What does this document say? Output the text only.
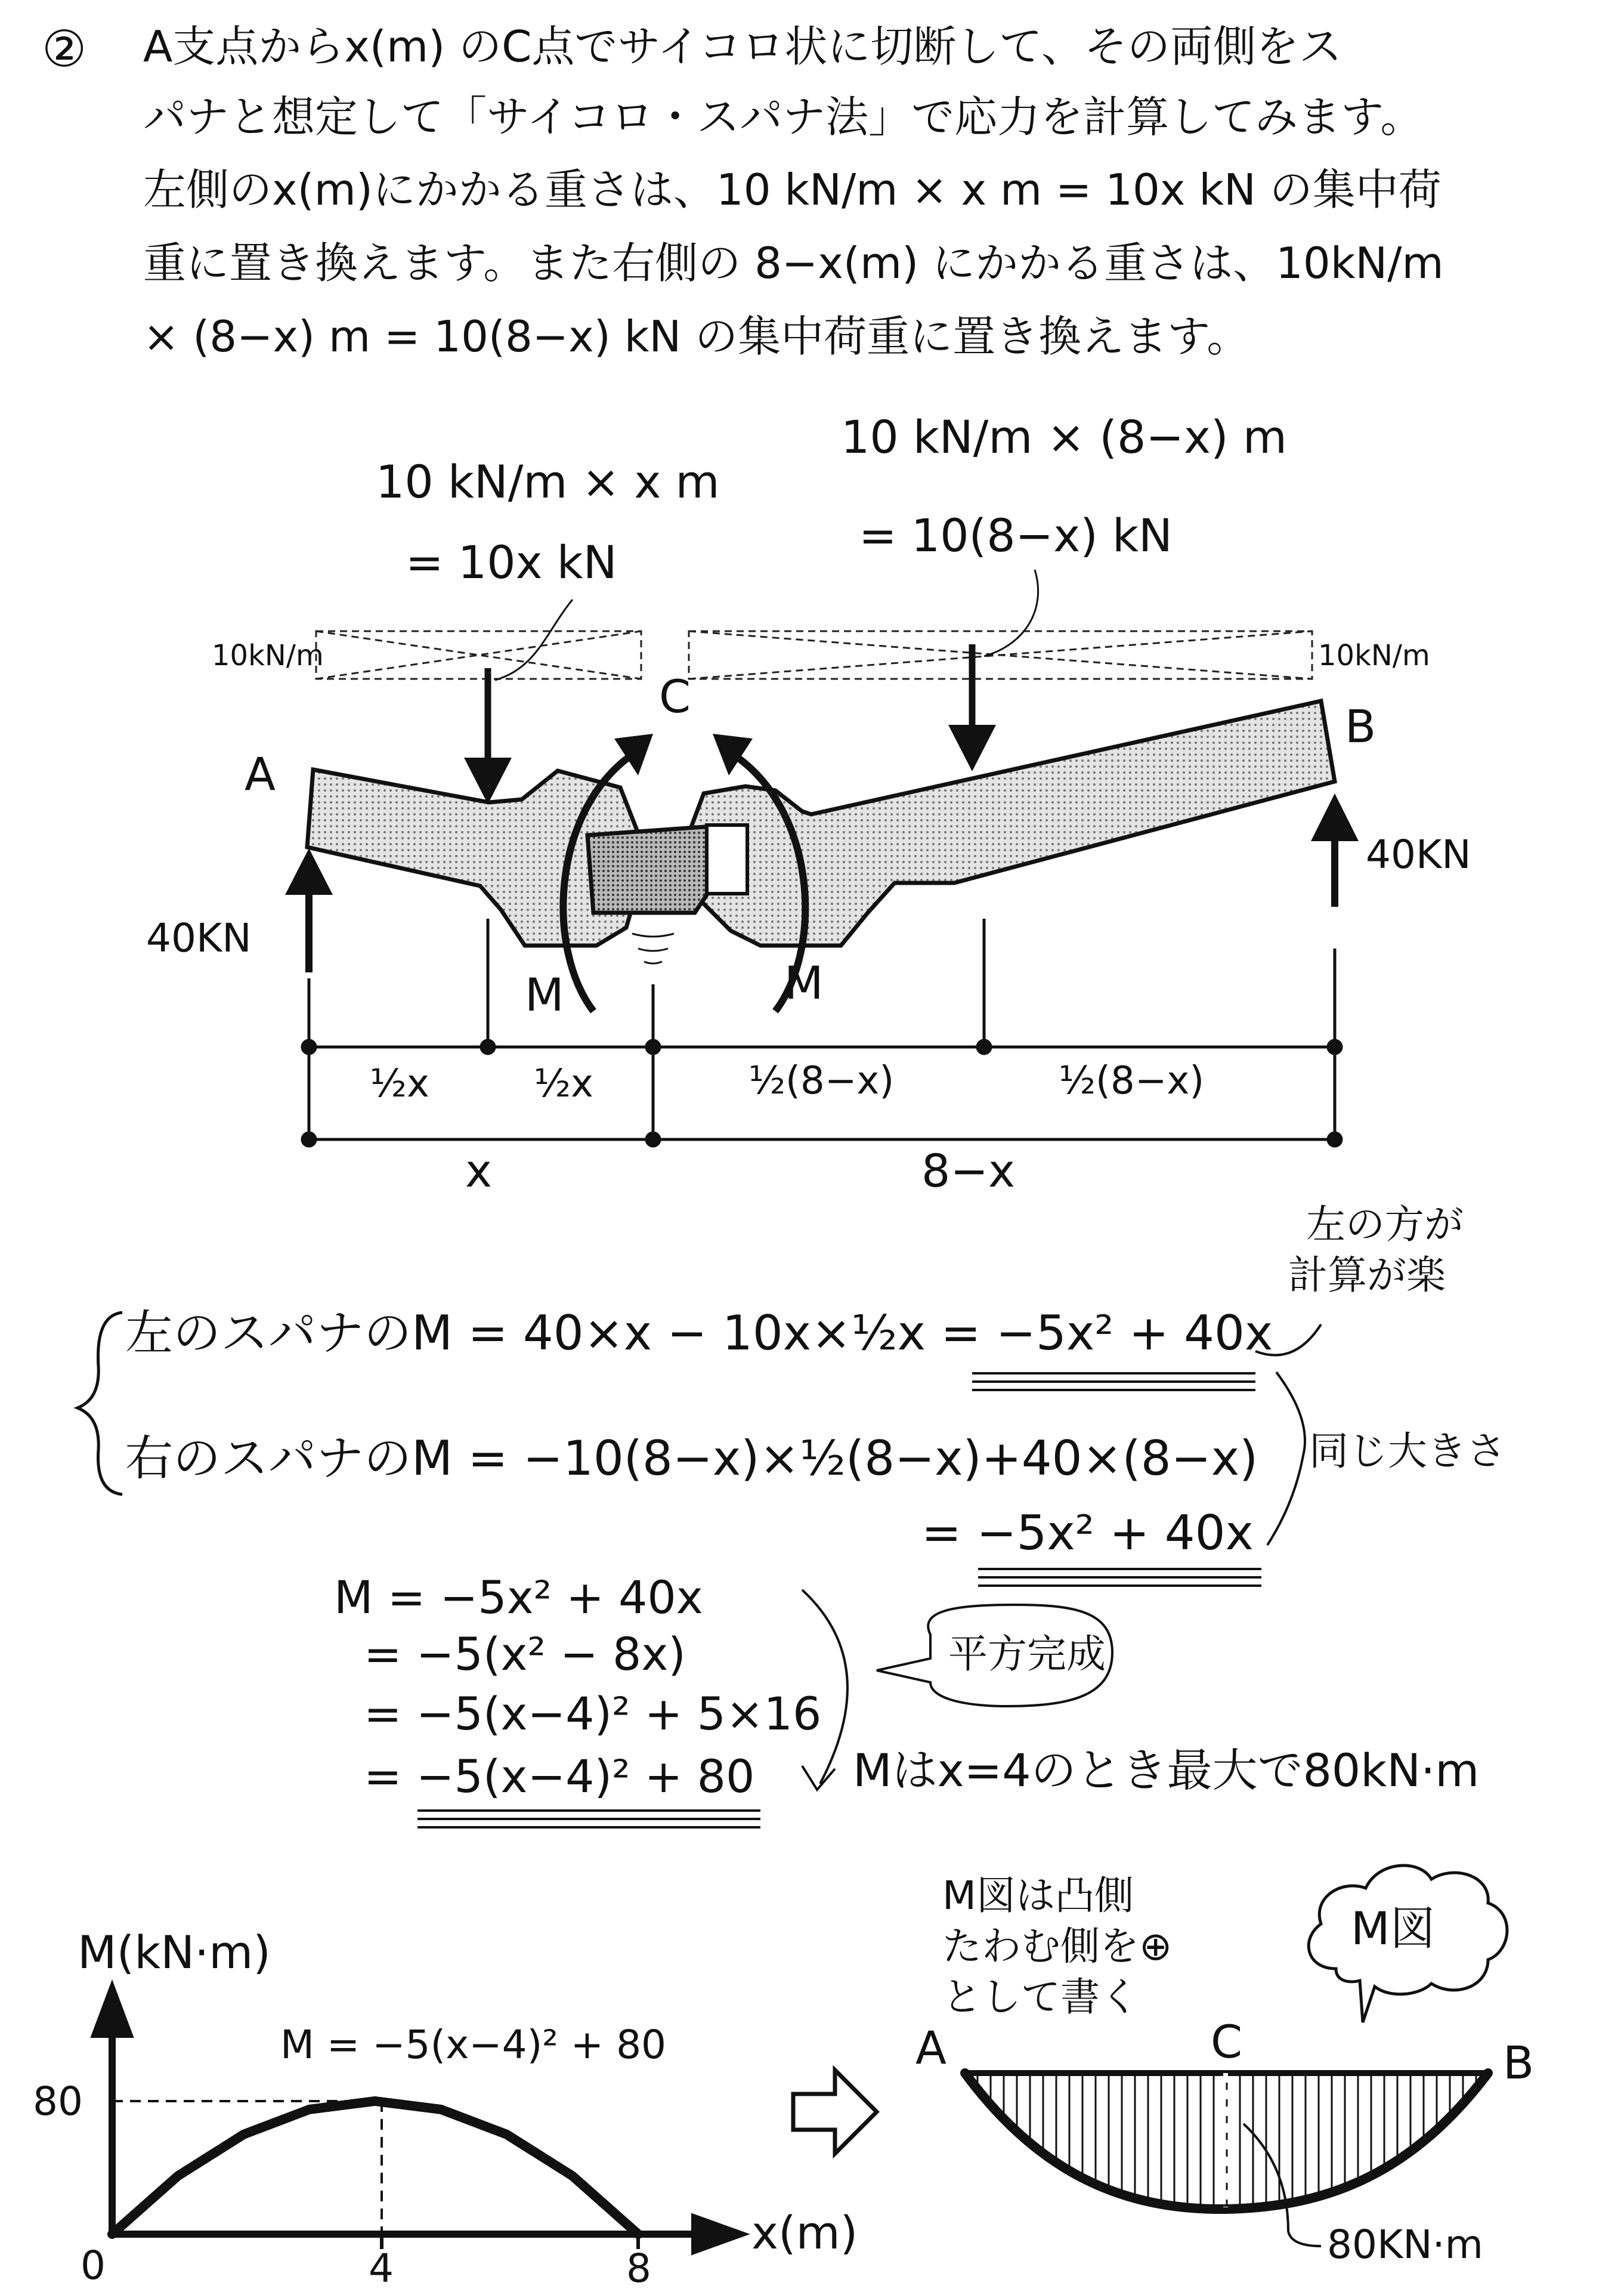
② A支点からx(m) のC点でサイコロ状に切断して、その両側をス
パナと想定して「サイコロ・スパナ法」で応力を計算してみます。
左側のx(m)にかかる重さは、10 kN/m × x m = 10x kN の集中荷
重に置き換えます。また右側の 8−x(m) にかかる重さは、10kN/m
× (8−x) m = 10(8−x) kN の集中荷重に置き換えます。
10 kN/m × x m
= 10x kN
10 kN/m × (8−x) m
= 10(8−x) kN
10kN/m	10kN/m
A
B
C
40KN
40KN
M	M
½x	½x	½(8−x)	½(8−x)
x	8−x
左の方が
計算が楽
左のスパナのM = 40×x − 10x×½x = −5x² + 40x
右のスパナのM = −10(8−x)×½(8−x)+40×(8−x)
= −5x² + 40x
同じ大きさ
M = −5x² + 40x
= −5(x² − 8x)
= −5(x−4)² + 5×16
= −5(x−4)² + 80
平方完成
Mはx=4のとき最大で80kN·m
M(kN·m)
x(m)
M = −5(x−4)² + 80
80
0	4	8
M図は凸側
たわむ側を⊕
として書く
M図
A	B
C
80KN·m
